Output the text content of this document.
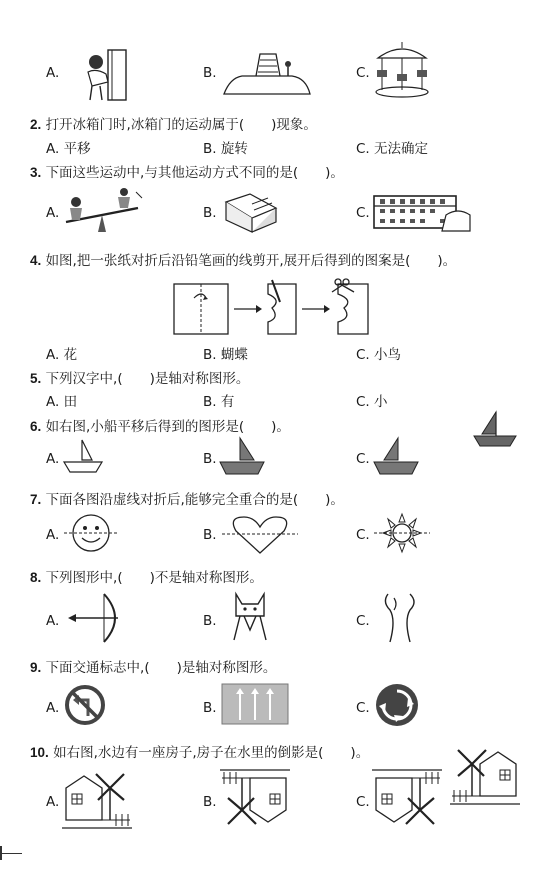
A.	B.	C.
2. 打开冰箱门时,冰箱门的运动属于(　　)现象。
A. 平移	B. 旋转	C. 无法确定
3. 下面这些运动中,与其他运动方式不同的是(　　)。
A.	B.	C.
4. 如图,把一张纸对折后沿铅笔画的线剪开,展开后得到的图案是(　　)。
A. 花	B. 蝴蝶	C. 小鸟
5. 下列汉字中,(　　)是轴对称图形。
A. 田	B. 有	C. 小
6. 如右图,小船平移后得到的图形是(　　)。
A.	B.	C.
7. 下面各图沿虚线对折后,能够完全重合的是(　　)。
A.	B.	C.
8. 下列图形中,(　　)不是轴对称图形。
A.	B.	C.
9. 下面交通标志中,(　　)是轴对称图形。
A.	B.	C.
10. 如右图,水边有一座房子,房子在水里的倒影是(　　)。
A.	B.	C.
